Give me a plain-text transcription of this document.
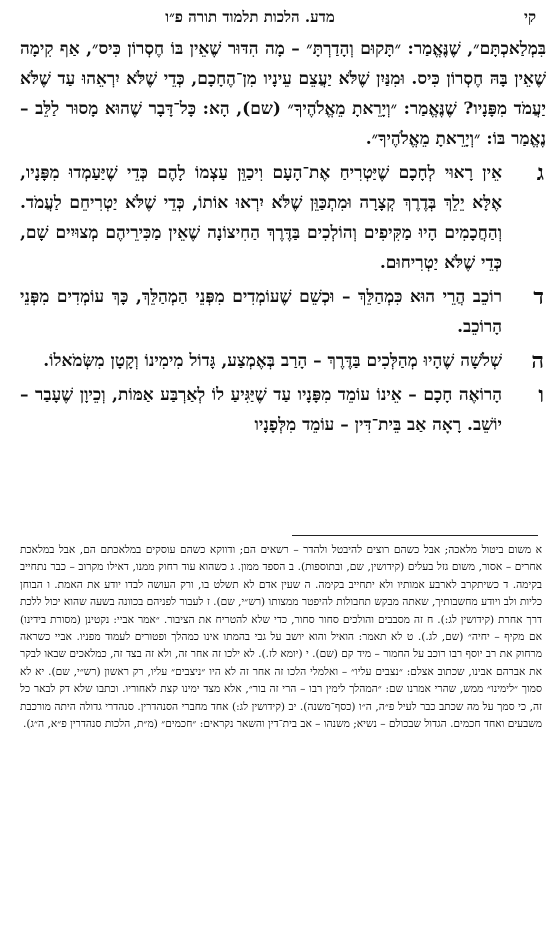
קי
מדע. הלכות תלמוד תורה פ״ו

בִּמְלַאכְתָּם״, שֶׁנֶּאֱמַר: ״תָּקוּם וְהָדַרְתָּ״ – מָה הִדּוּר שֶׁאֵין בּוֹ חֶסְרוֹן כִּיס״, אַף קִימָה שֶׁאֵין בָּהּ חֶסְרוֹן כִּיס. וּמִנַּיִן שֶׁלֹּא יַעֲצֵם עֵינָיו מִן־הֶחָכָם, כְּדֵי שֶׁלֹּא יִרְאֵהוּ עַד שֶׁלֹּא יַעֲמֹד מִפָּנָיו? שֶׁנֶּאֱמַר: ״וְיָרֵאתָ מֵאֱלֹהֶיךָ״ (שם), הָא: כָּל־דָּבָר שֶׁהוּא מָסוּר לַלֵּב – נֶאֱמַר בּוֹ: ״וְיָרֵאתָ מֵאֱלֹהֶיךָ״.

ג
אֵין רָאוּי לְחָכָם שֶׁיַּטְרִיחַ אֶת־הָעָם וִיכַוֵּן עַצְמוֹ לָהֶם כְּדֵי שֶׁיַּעַמְדוּ מִפָּנָיו, אֶלָּא יֵלֵךְ בְּדֶרֶךְ קְצָרָה וּמִתְכַּוֵּן שֶׁלֹּא יִרְאוּ אוֹתוֹ, כְּדֵי שֶׁלֹּא יַטְרִיחֵם לַעֲמֹד. וְהַחֲכָמִים הָיוּ מַקִּיפִים וְהוֹלְכִים בַּדֶּרֶךְ הַחִיצוֹנָה שֶׁאֵין מַכִּירֵיהֶם מְצוּיִים שָׁם, כְּדֵי שֶׁלֹּא יַטְרִיחוּם.

ד
רוֹכֵב הֲרֵי הוּא כִּמְהַלֵּךְ – וּכְשֵׁם שֶׁעוֹמְדִים מִפְּנֵי הַמְהַלֵּךְ, כָּךְ עוֹמְדִים מִפְּנֵי הָרוֹכֵב.

ה
שְׁלֹשָׁה שֶׁהָיוּ מְהַלְּכִים בַּדֶּרֶךְ – הָרַב בְּאֶמְצַע, גָּדוֹל מִימִינוֹ וְקָטָן מִשְּׂמֹאלוֹ.

ו
הָרוֹאֶה חָכָם – אֵינוֹ עוֹמֵד מִפָּנָיו עַד שֶׁיַּגִּיעַ לוֹ לְאַרְבַּע אַמּוֹת, וְכֵיוָן שֶׁעָבַר – יוֹשֵׁב. רָאָה אַב בֵּית־דִּין – עוֹמֵד מִלְּפָנָיו

א משום ביטול מלאכה; אבל כשהם רוצים להיבטל ולהדר – רשאים הם; ודווקא כשהם עוסקים במלאכתם הם, אבל במלאכת אחרים – אסור, משום גזל בעלים (קידושין, שם, ובתוספות). ב הספד ממון. ג כשהוא עוד רחוק ממנו, דאילו מקרוב – כבר נתחייב בקימה. ד כשיתקרב לארבע אמותיו ולא יתחייב בקימה. ה שעין אדם לא תשלט בו, ורק העושה לבדו יודע את האמת. ו הבוחן כליות ולב ויודע מחשבותיך, שאתה מבקש תחבולות להיפטר ממצותו (רש״י, שם). ז לעבור לפניהם בכוונה בשעה שהוא יכול ללכת דרך אחרת (קידושין לג:). ח זה מסבבים והולכים סחור סחור, כדי שלא להטריח את הציבור. ״אמר אביי: נקטינן (מסורת בידינו) אם מקיף – יחיה״ (שם, לג.). ט לא תאמר: הואיל והוא יושב על גבי בהמתו אינו כמהלך ופטורים לעמוד מפניו. אביי כשראה מרחוק את רב יוסף רבו רוכב על החמור – מיד קם (שם). י (יומא לז.). לא ילכו זה אחר זה, ולא זה בצד זה, כמלאכים שבאו לבקר את אברהם אבינו, שכתוב אצלם: ״נצבים עליו״ – ואלמלי הלכו זה אחר זה לא היו ״ניצבים״ עליו, רק ראשון (רש״י, שם). יא לא סמוך ״לימינו״ ממש, שהרי אמרנו שם: ״המהלך לימין רבו – הרי זה בור״, אלא מצד ימינו קצת לאחוריו. וכתבו שלא דק לבאר כל זה, כי סמך על מה שכתב כבר לעיל פ״ה, ה״ו (כסף־משנה). יב (קידושין לג:) אחד מחברי הסנהדרין. סנהדרי גדולה היתה מורכבת משבעים ואחד חכמים. הגדול שבכולם – נשיא; משנהו – אב בית־דין והשאר נקראים: ״חכמים״ (מ״ת, הלכות סנהדרין פ״א, ה״ג).
